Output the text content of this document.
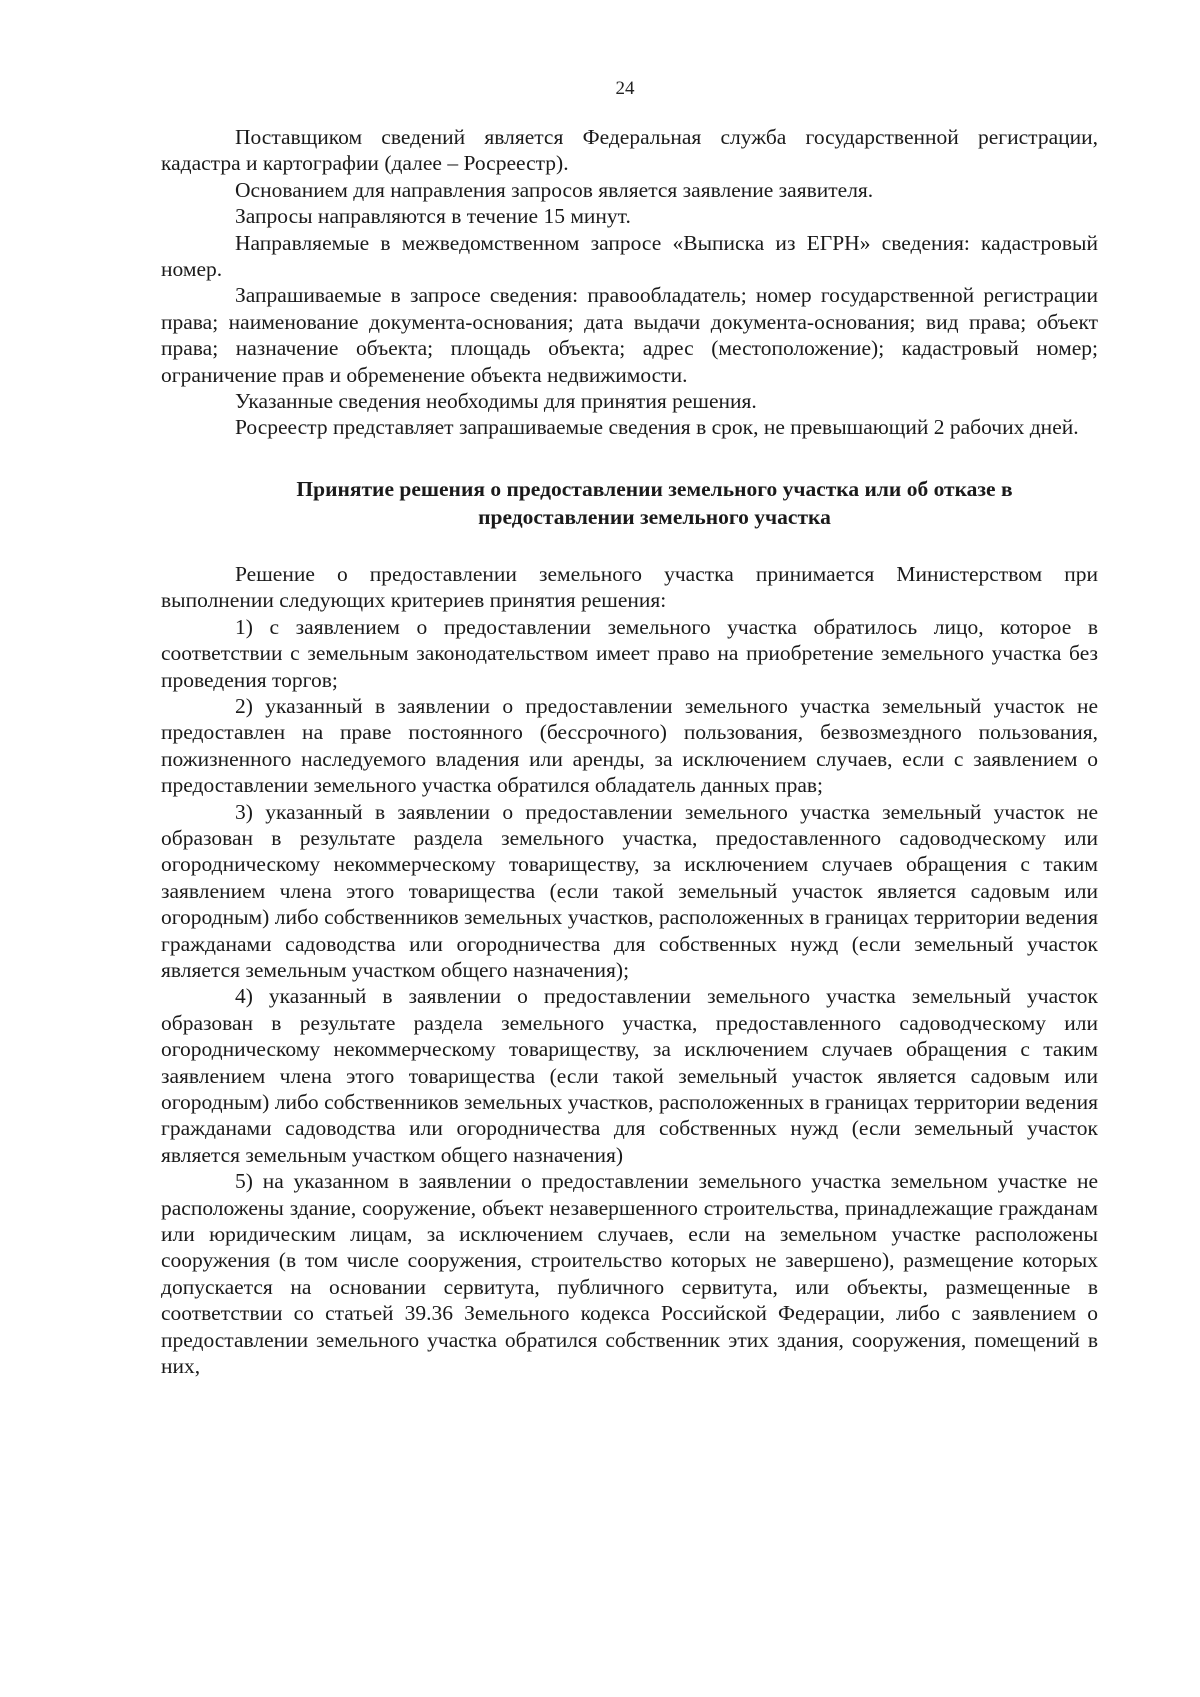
24

Поставщиком сведений является Федеральная служба государственной регистрации, кадастра и картографии (далее – Росреестр).

Основанием для направления запросов является заявление заявителя.

Запросы направляются в течение 15 минут.

Направляемые в межведомственном запросе «Выписка из ЕГРН» сведения: кадастровый номер.

Запрашиваемые в запросе сведения: правообладатель; номер государственной регистрации права; наименование документа-основания; дата выдачи документа-основания; вид права; объект права; назначение объекта; площадь объекта; адрес (местоположение); кадастровый номер; ограничение прав и обременение объекта недвижимости.

Указанные сведения необходимы для принятия решения.

Росреестр представляет запрашиваемые сведения в срок, не превышающий 2 рабочих дней.

Принятие решения о предоставлении земельного участка или об отказе в
предоставлении земельного участка

Решение о предоставлении земельного участка принимается Министерством при выполнении следующих критериев принятия решения:

1) с заявлением о предоставлении земельного участка обратилось лицо, которое в соответствии с земельным законодательством имеет право на приобретение земельного участка без проведения торгов;

2) указанный в заявлении о предоставлении земельного участка земельный участок не предоставлен на праве постоянного (бессрочного) пользования, безвозмездного пользования, пожизненного наследуемого владения или аренды, за исключением случаев, если с заявлением о предоставлении земельного участка обратился обладатель данных прав;

3) указанный в заявлении о предоставлении земельного участка земельный участок не образован в результате раздела земельного участка, предоставленного садоводческому или огородническому некоммерческому товариществу, за исключением случаев обращения с таким заявлением члена этого товарищества (если такой земельный участок является садовым или огородным) либо собственников земельных участков, расположенных в границах территории ведения гражданами садоводства или огородничества для собственных нужд (если земельный участок является земельным участком общего назначения);

4) указанный в заявлении о предоставлении земельного участка земельный участок образован в результате раздела земельного участка, предоставленного садоводческому или огородническому некоммерческому товариществу, за исключением случаев обращения с таким заявлением члена этого товарищества (если такой земельный участок является садовым или огородным) либо собственников земельных участков, расположенных в границах территории ведения гражданами садоводства или огородничества для собственных нужд (если земельный участок является земельным участком общего назначения)

5) на указанном в заявлении о предоставлении земельного участка земельном участке не расположены здание, сооружение, объект незавершенного строительства, принадлежащие гражданам или юридическим лицам, за исключением случаев, если на земельном участке расположены сооружения (в том числе сооружения, строительство которых не завершено), размещение которых допускается на основании сервитута, публичного сервитута, или объекты, размещенные в соответствии со статьей 39.36 Земельного кодекса Российской Федерации, либо с заявлением о предоставлении земельного участка обратился собственник этих здания, сооружения, помещений в них,
